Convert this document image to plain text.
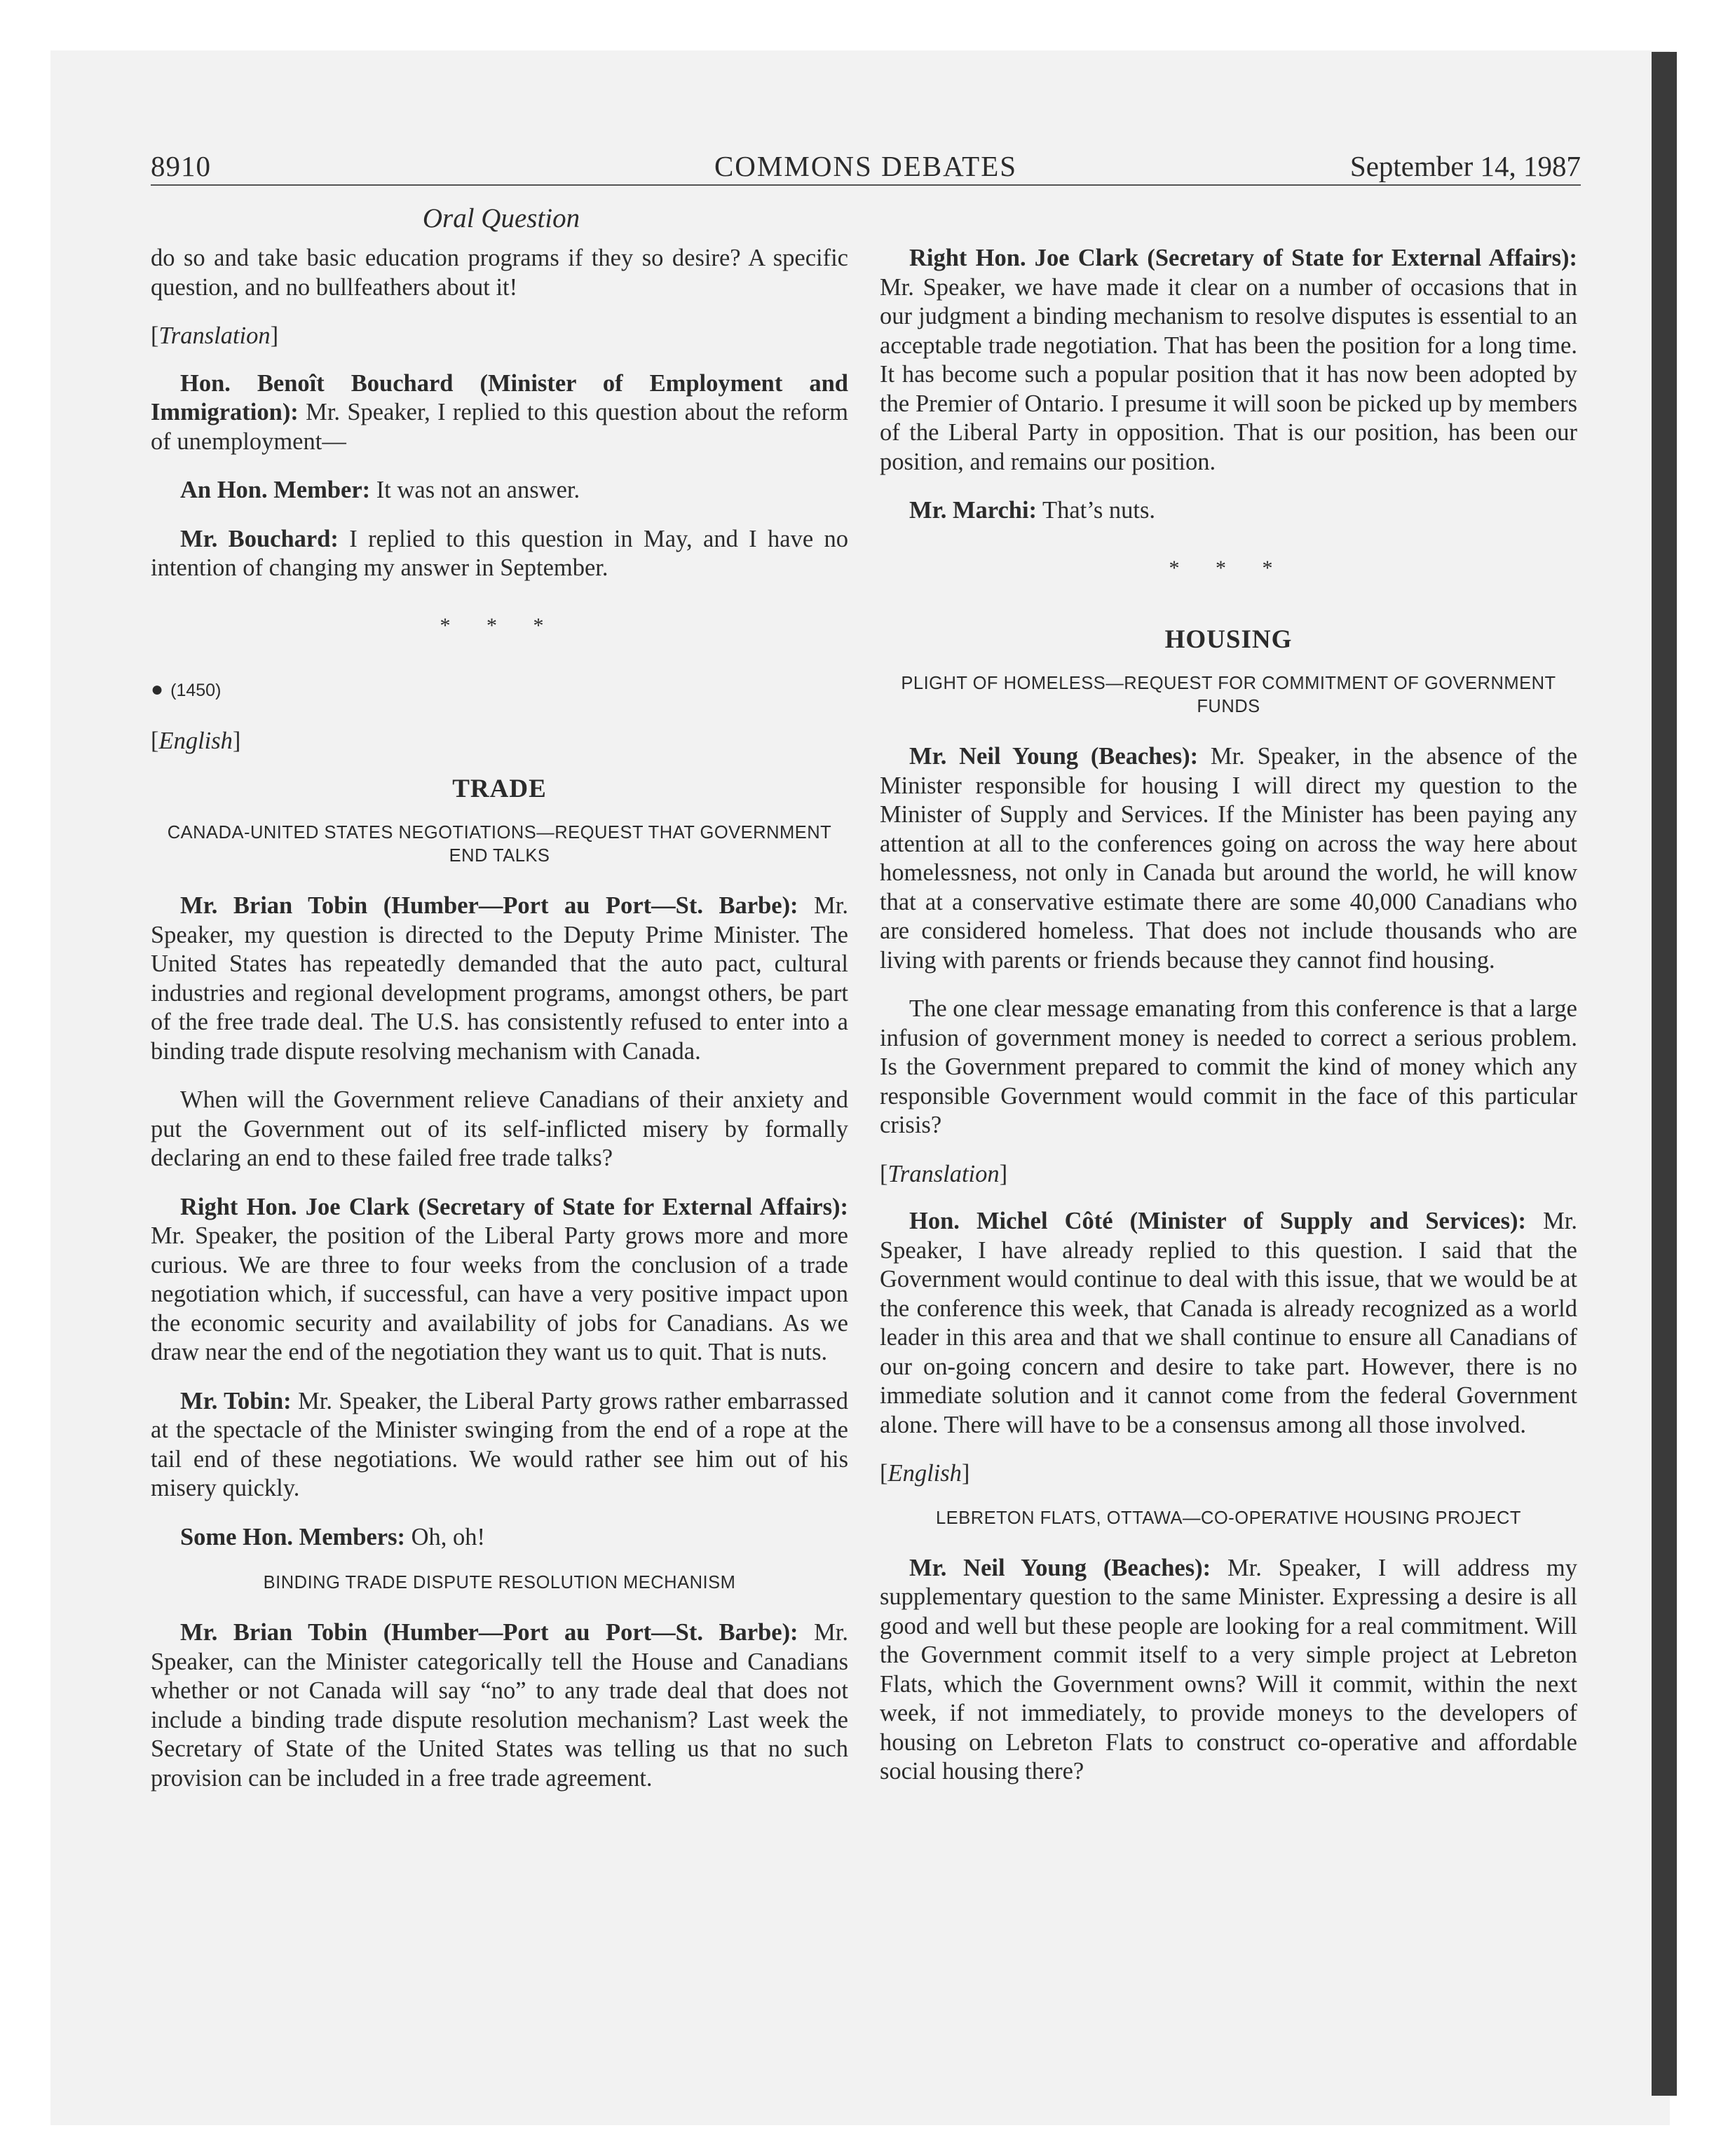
8910	COMMONS DEBATES	September 14, 1987
Oral Question

do so and take basic education programs if they so desire? A specific question, and no bullfeathers about it!

[Translation]

Hon. Benoît Bouchard (Minister of Employment and Immigration): Mr. Speaker, I replied to this question about the reform of unemployment—

An Hon. Member: It was not an answer.

Mr. Bouchard: I replied to this question in May, and I have no intention of changing my answer in September.

* * *
● (1450)

[English]

TRADE
CANADA-UNITED STATES NEGOTIATIONS—REQUEST THAT GOVERNMENT END TALKS

Mr. Brian Tobin (Humber—Port au Port—St. Barbe): Mr. Speaker, my question is directed to the Deputy Prime Minister. The United States has repeatedly demanded that the auto pact, cultural industries and regional development programs, amongst others, be part of the free trade deal. The U.S. has consistently refused to enter into a binding trade dispute resolving mechanism with Canada.

When will the Government relieve Canadians of their anxiety and put the Government out of its self-inflicted misery by formally declaring an end to these failed free trade talks?

Right Hon. Joe Clark (Secretary of State for External Affairs): Mr. Speaker, the position of the Liberal Party grows more and more curious. We are three to four weeks from the conclusion of a trade negotiation which, if successful, can have a very positive impact upon the economic security and availability of jobs for Canadians. As we draw near the end of the negotiation they want us to quit. That is nuts.

Mr. Tobin: Mr. Speaker, the Liberal Party grows rather embarrassed at the spectacle of the Minister swinging from the end of a rope at the tail end of these negotiations. We would rather see him out of his misery quickly.

Some Hon. Members: Oh, oh!

BINDING TRADE DISPUTE RESOLUTION MECHANISM

Mr. Brian Tobin (Humber—Port au Port—St. Barbe): Mr. Speaker, can the Minister categorically tell the House and Canadians whether or not Canada will say “no” to any trade deal that does not include a binding trade dispute resolution mechanism? Last week the Secretary of State of the United States was telling us that no such provision can be included in a free trade agreement.

Right Hon. Joe Clark (Secretary of State for External Affairs): Mr. Speaker, we have made it clear on a number of occasions that in our judgment a binding mechanism to resolve disputes is essential to an acceptable trade negotiation. That has been the position for a long time. It has become such a popular position that it has now been adopted by the Premier of Ontario. I presume it will soon be picked up by members of the Liberal Party in opposition. That is our position, has been our position, and remains our position.

Mr. Marchi: That’s nuts.

* * *
HOUSING
PLIGHT OF HOMELESS—REQUEST FOR COMMITMENT OF GOVERNMENT FUNDS

Mr. Neil Young (Beaches): Mr. Speaker, in the absence of the Minister responsible for housing I will direct my question to the Minister of Supply and Services. If the Minister has been paying any attention at all to the conferences going on across the way here about homelessness, not only in Canada but around the world, he will know that at a conservative estimate there are some 40,000 Canadians who are considered homeless. That does not include thousands who are living with parents or friends because they cannot find housing.

The one clear message emanating from this conference is that a large infusion of government money is needed to correct a serious problem. Is the Government prepared to commit the kind of money which any responsible Government would commit in the face of this particular crisis?

[Translation]

Hon. Michel Côté (Minister of Supply and Services): Mr. Speaker, I have already replied to this question. I said that the Government would continue to deal with this issue, that we would be at the conference this week, that Canada is already recognized as a world leader in this area and that we shall continue to ensure all Canadians of our on-going concern and desire to take part. However, there is no immediate solution and it cannot come from the federal Government alone. There will have to be a consensus among all those involved.

[English]

LEBRETON FLATS, OTTAWA—CO-OPERATIVE HOUSING PROJECT

Mr. Neil Young (Beaches): Mr. Speaker, I will address my supplementary question to the same Minister. Expressing a desire is all good and well but these people are looking for a real commitment. Will the Government commit itself to a very simple project at Lebreton Flats, which the Government owns? Will it commit, within the next week, if not immediately, to provide moneys to the developers of housing on Lebreton Flats to construct co-operative and affordable social housing there?
